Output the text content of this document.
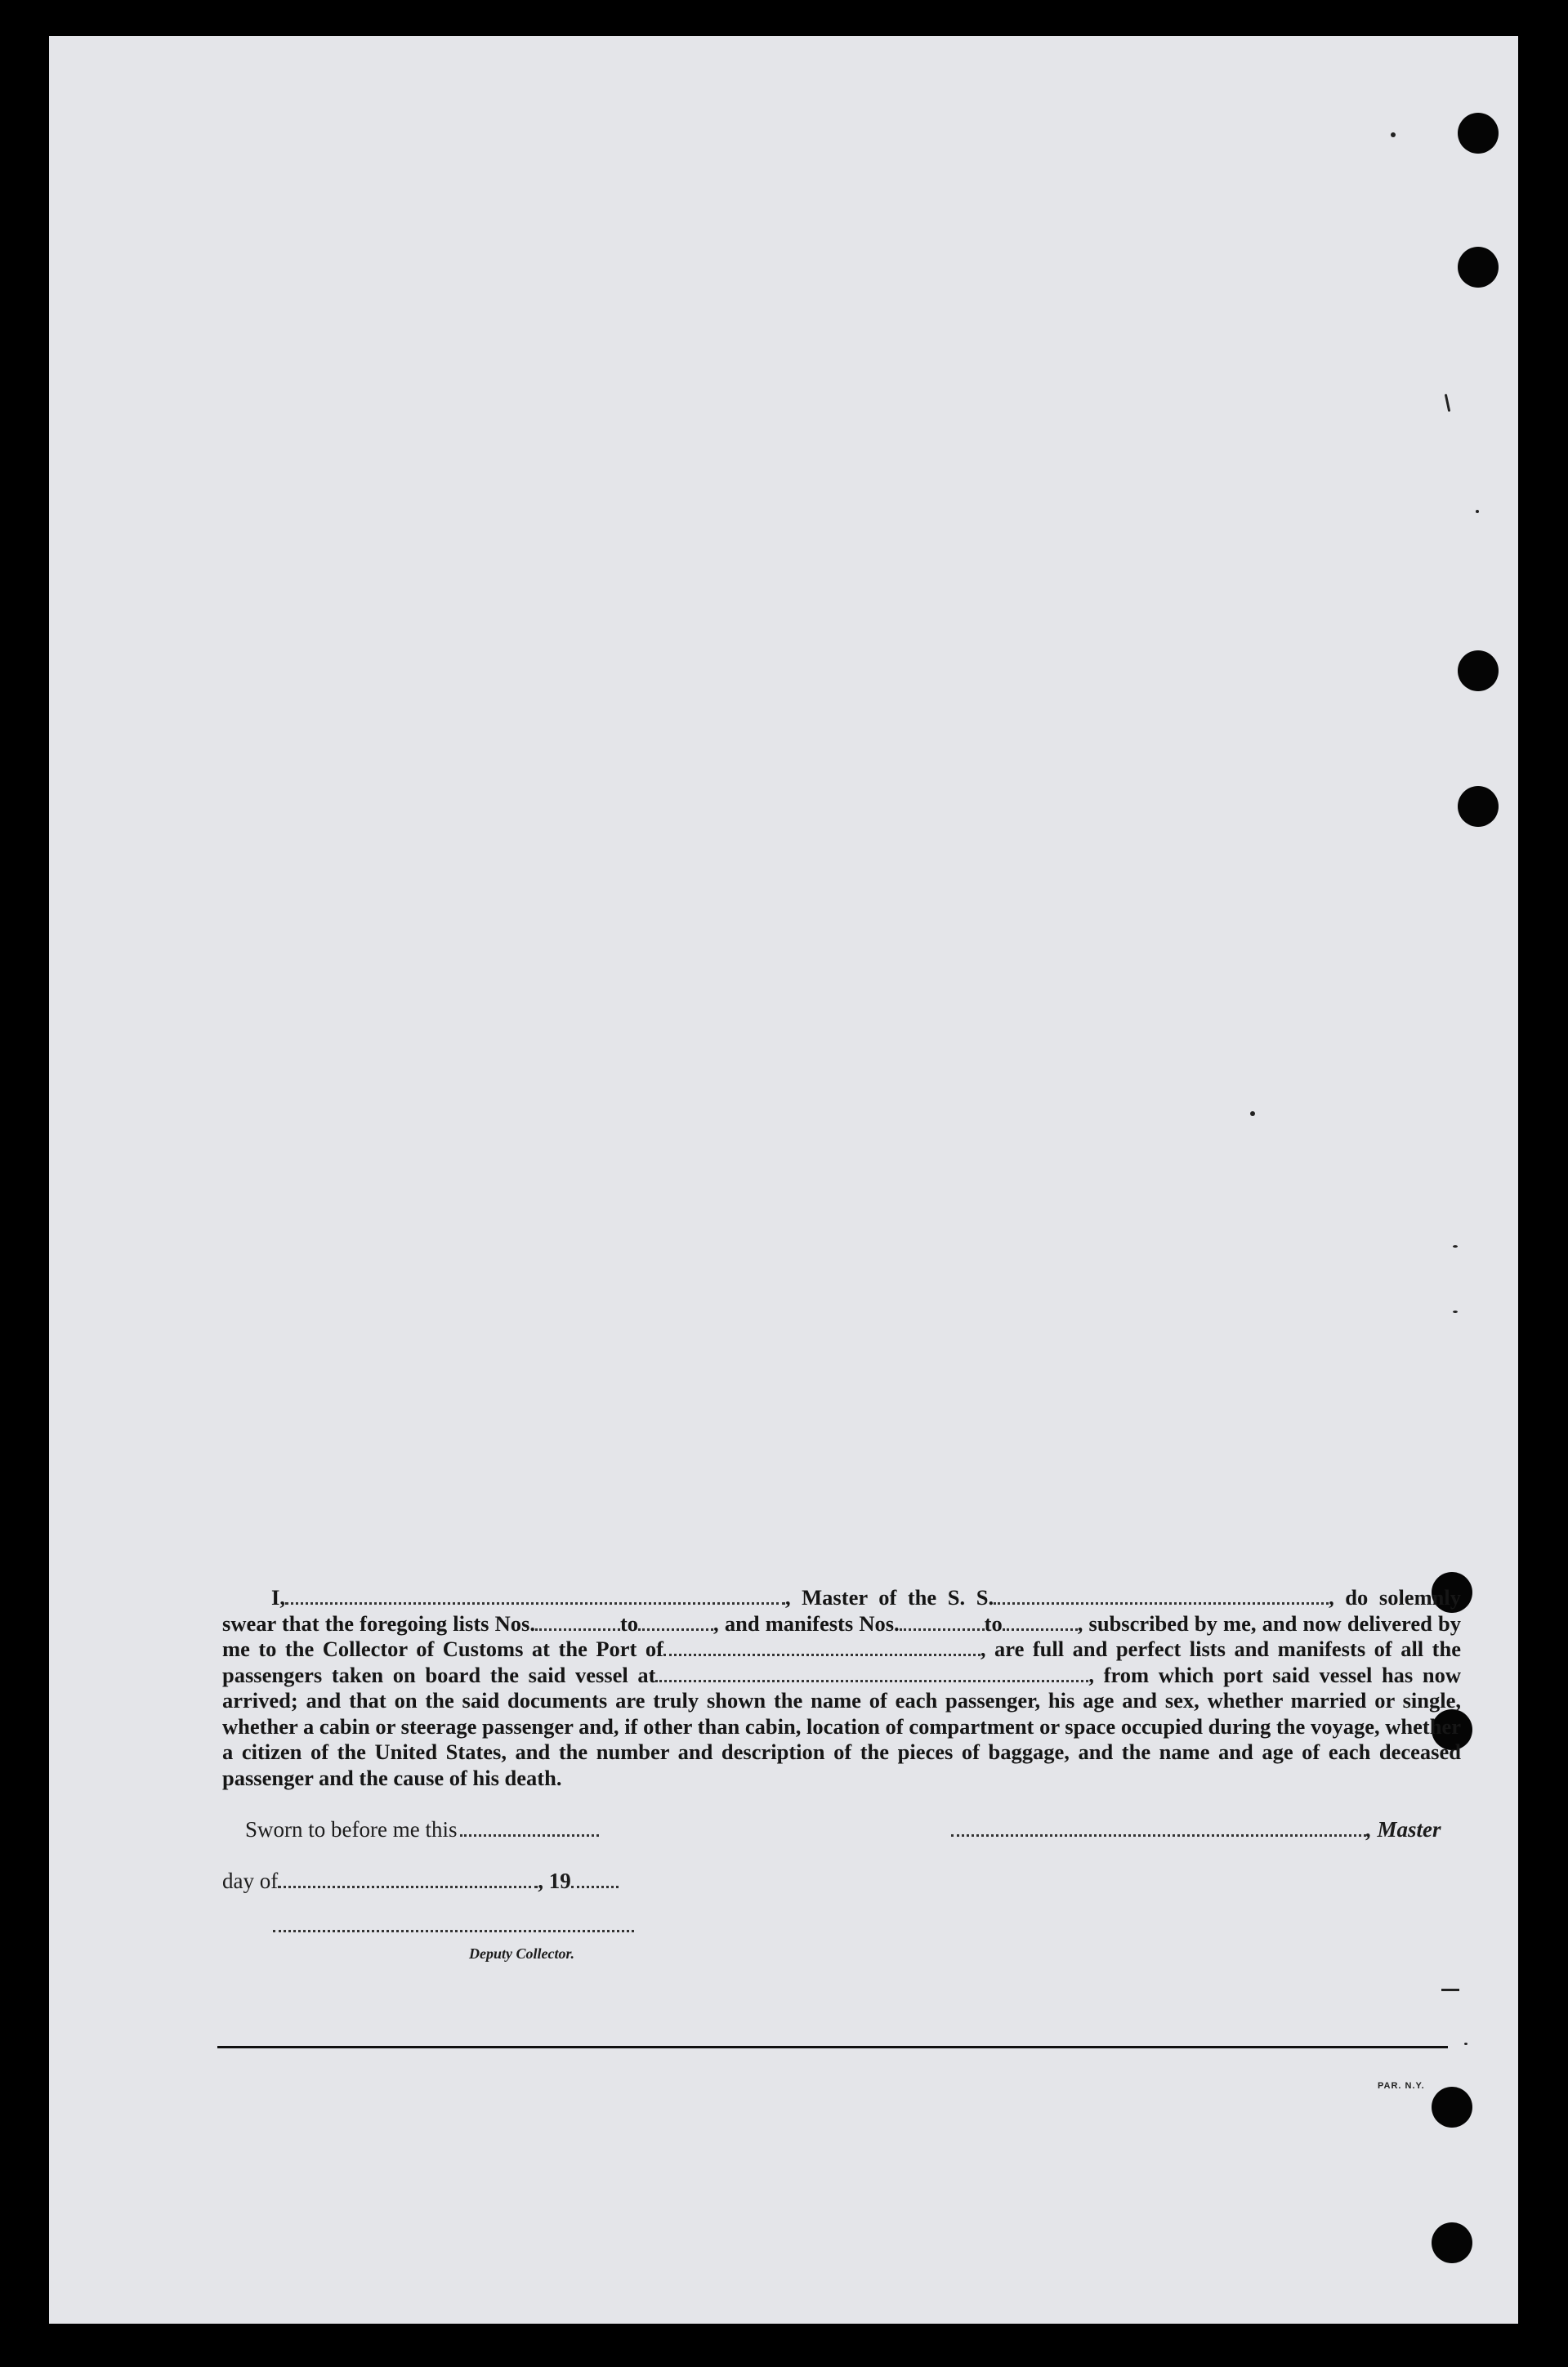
I,	, Master of the S. S.	, do solemnly swear that the foregoing lists Nos.	to	, and manifests Nos.	to	, subscribed by me, and now delivered by me to the Collector of Customs at the Port of	, are full and perfect lists and manifests of all the passengers taken on board the said vessel at	, from which port said vessel has now arrived; and that on the said documents are truly shown the name of each passenger, his age and sex, whether married or single, whether a cabin or steerage passenger and, if other than cabin, location of compartment or space occupied during the voyage, whether a citizen of the United States, and the number and description of the pieces of baggage, and the name and age of each deceased passenger and the cause of his death.

Sworn to before me this	, Master
day of	, 19
Deputy Collector.
PAR. N.Y.
